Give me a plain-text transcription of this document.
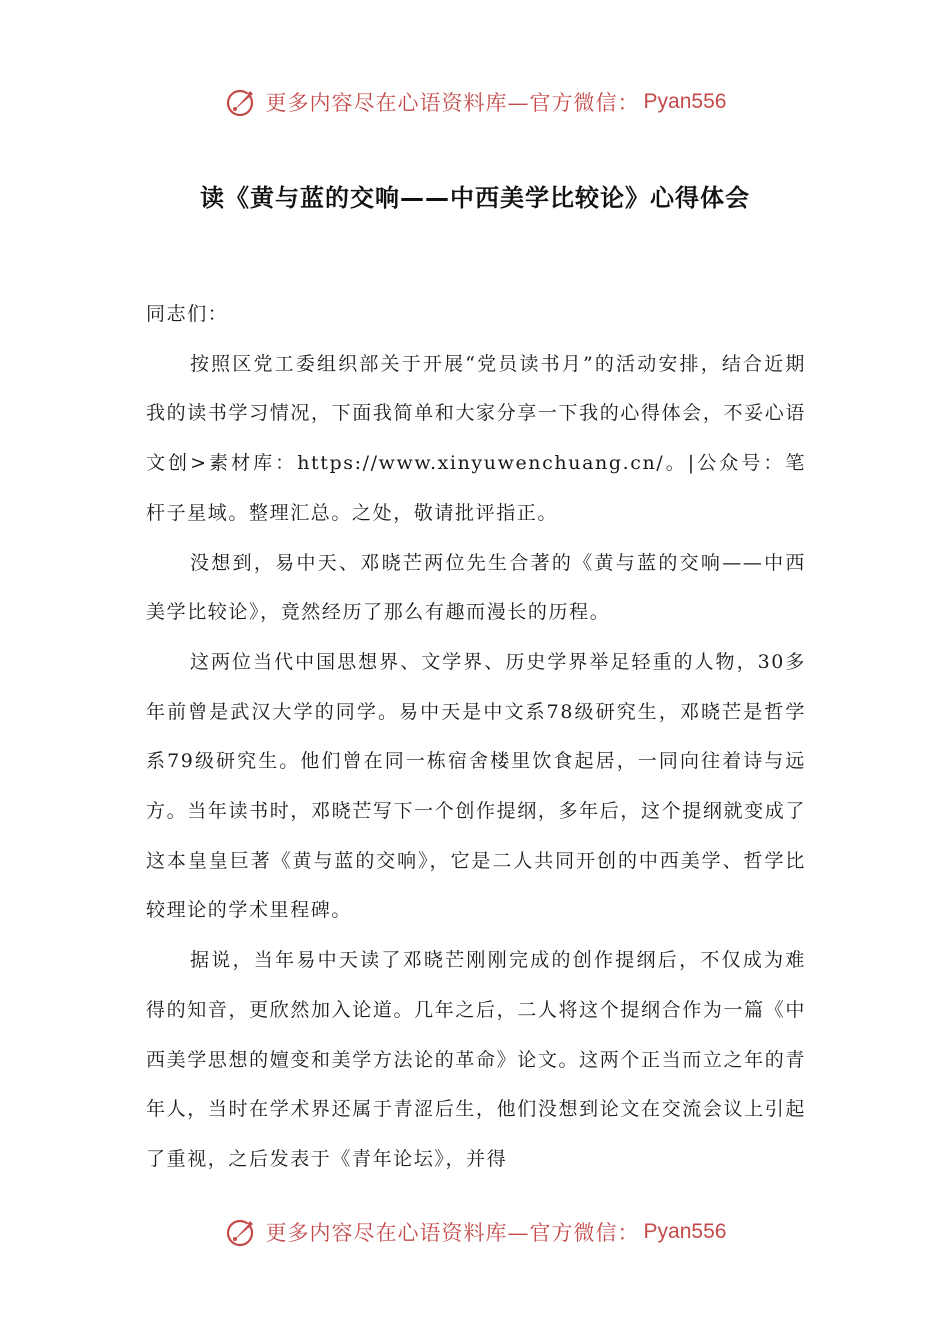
更多内容尽在心语资料库—官方微信： Pyan556
读《黄与蓝的交响——中西美学比较论》心得体会

同志们：

按照区党工委组织部关于开展“党员读书月”的活动安排，结合近期我的读书学习情况，下面我简单和大家分享一下我的心得体会，不妥心语文创>素材库：https://www.xinyuwenchuang.cn/。|公众号：笔杆子星域。整理汇总。之处，敬请批评指正。

没想到，易中天、邓晓芒两位先生合著的《黄与蓝的交响——中西美学比较论》，竟然经历了那么有趣而漫长的历程。

这两位当代中国思想界、文学界、历史学界举足轻重的人物，30多年前曾是武汉大学的同学。易中天是中文系78级研究生，邓晓芒是哲学系79级研究生。他们曾在同一栋宿舍楼里饮食起居，一同向往着诗与远方。当年读书时，邓晓芒写下一个创作提纲，多年后，这个提纲就变成了这本皇皇巨著《黄与蓝的交响》，它是二人共同开创的中西美学、哲学比较理论的学术里程碑。

据说，当年易中天读了邓晓芒刚刚完成的创作提纲后，不仅成为难得的知音，更欣然加入论道。几年之后，二人将这个提纲合作为一篇《中西美学思想的嬗变和美学方法论的革命》论文。这两个正当而立之年的青年人，当时在学术界还属于青涩后生，他们没想到论文在交流会议上引起了重视，之后发表于《青年论坛》，并得

更多内容尽在心语资料库—官方微信： Pyan556
